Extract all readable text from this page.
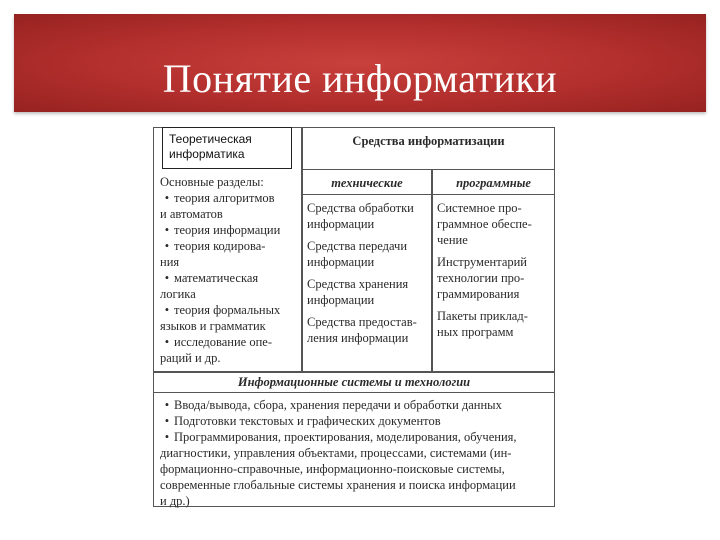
Понятие информатики
Средства информатизации
технические	программные
Основные разделы:
• теория алгоритмов
и автоматов
• теория информации
• теория кодирова-
ния
• математическая
логика
• теория формальных
языков и грамматик
• исследование опе-
раций и др.
Средства обработки
информации
Средства передачи
информации
Средства хранения
информации
Средства предостав-
ления информации
Системное про-
граммное обеспе-
чение
Инструментарий
технологии про-
граммирования
Пакеты приклад-
ных программ
Информационные системы и технологии
• Ввода/вывода, сбора, хранения передачи и обработки данных
• Подготовки текстовых и графических документов
• Программирования, проектирования, моделирования, обучения,
диагностики, управления объектами, процессами, системами (ин-
формационно-справочные, информационно-поисковые системы,
современные глобальные системы хранения и поиска информации
и др.)
Теоретическая
информатика
